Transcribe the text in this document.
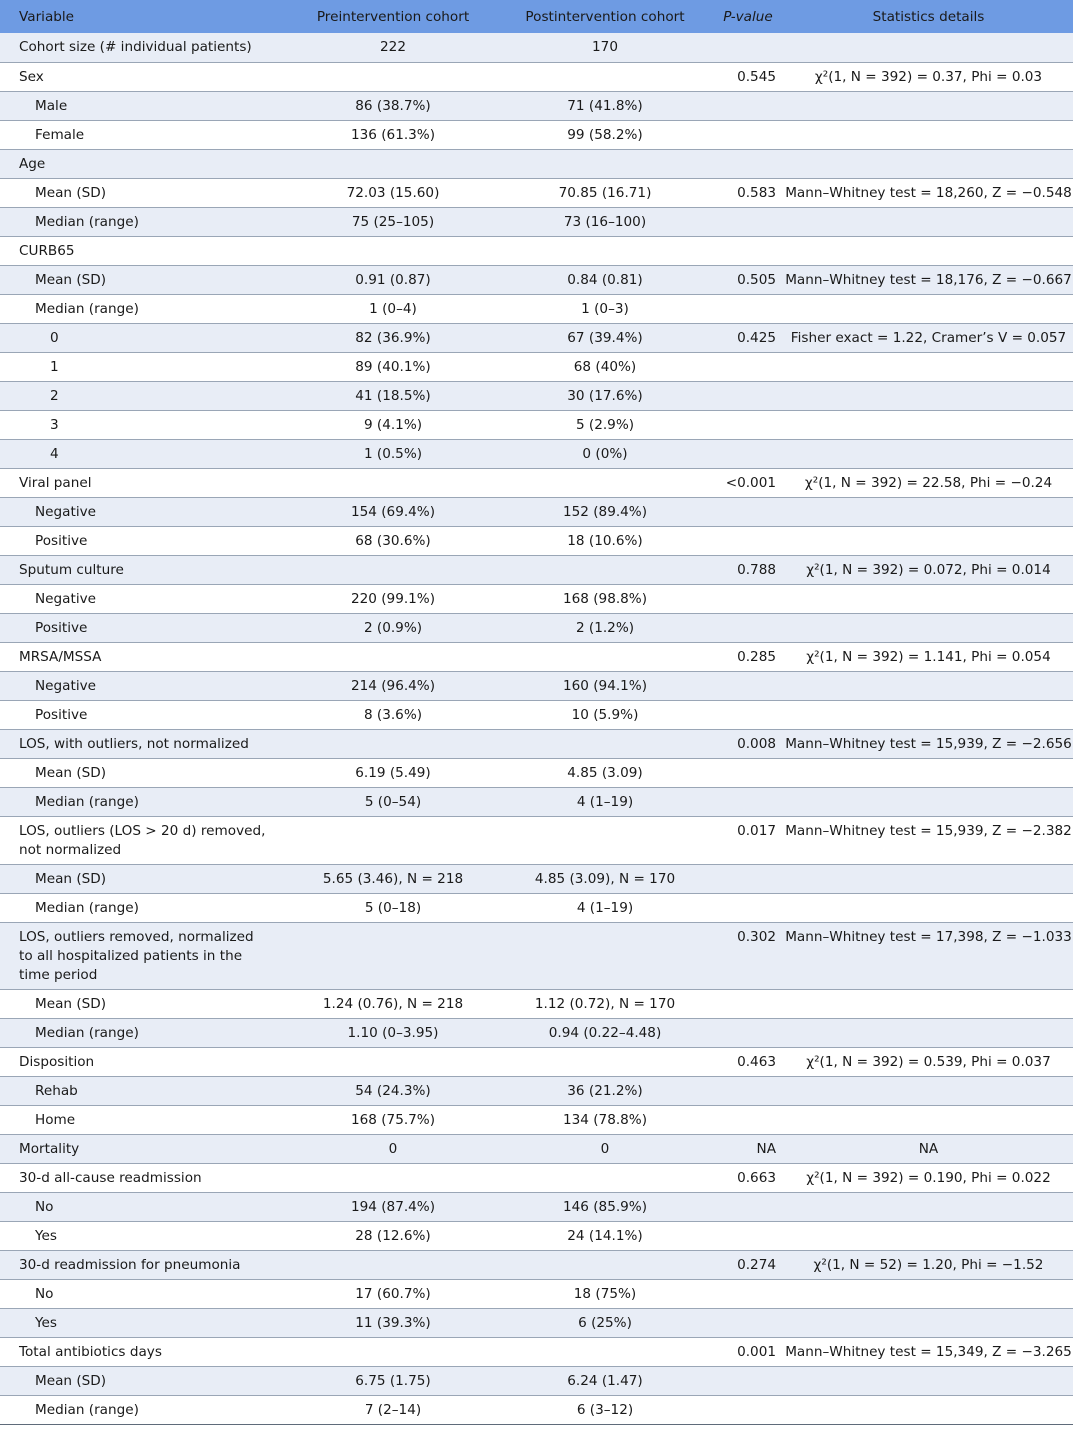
Variable	Preintervention cohort	Postintervention cohort	P-value	Statistics details
Cohort size (# individual patients)	222	170		
Sex			0.545	χ²(1, N = 392) = 0.37, Phi = 0.03
Male	86 (38.7%)	71 (41.8%)		
Female	136 (61.3%)	99 (58.2%)		
Age				
Mean (SD)	72.03 (15.60)	70.85 (16.71)	0.583	Mann–Whitney test = 18,260, Z = −0.548
Median (range)	75 (25–105)	73 (16–100)		
CURB65				
Mean (SD)	0.91 (0.87)	0.84 (0.81)	0.505	Mann–Whitney test = 18,176, Z = −0.667
Median (range)	1 (0–4)	1 (0–3)		
0	82 (36.9%)	67 (39.4%)	0.425	Fisher exact = 1.22, Cramer’s V = 0.057
1	89 (40.1%)	68 (40%)		
2	41 (18.5%)	30 (17.6%)		
3	9 (4.1%)	5 (2.9%)		
4	1 (0.5%)	0 (0%)		
Viral panel			<0.001	χ²(1, N = 392) = 22.58, Phi = −0.24
Negative	154 (69.4%)	152 (89.4%)		
Positive	68 (30.6%)	18 (10.6%)		
Sputum culture			0.788	χ²(1, N = 392) = 0.072, Phi = 0.014
Negative	220 (99.1%)	168 (98.8%)		
Positive	2 (0.9%)	2 (1.2%)		
MRSA/MSSA			0.285	χ²(1, N = 392) = 1.141, Phi = 0.054
Negative	214 (96.4%)	160 (94.1%)		
Positive	8 (3.6%)	10 (5.9%)		
LOS, with outliers, not normalized			0.008	Mann–Whitney test = 15,939, Z = −2.656
Mean (SD)	6.19 (5.49)	4.85 (3.09)		
Median (range)	5 (0–54)	4 (1–19)		
LOS, outliers (LOS > 20 d) removed, not normalized			0.017	Mann–Whitney test = 15,939, Z = −2.382
Mean (SD)	5.65 (3.46), N = 218	4.85 (3.09), N = 170		
Median (range)	5 (0–18)	4 (1–19)		
LOS, outliers removed, normalized to all hospitalized patients in the time period			0.302	Mann–Whitney test = 17,398, Z = −1.033
Mean (SD)	1.24 (0.76), N = 218	1.12 (0.72), N = 170		
Median (range)	1.10 (0–3.95)	0.94 (0.22–4.48)		
Disposition			0.463	χ²(1, N = 392) = 0.539, Phi = 0.037
Rehab	54 (24.3%)	36 (21.2%)		
Home	168 (75.7%)	134 (78.8%)		
Mortality	0	0	NA	NA
30-d all-cause readmission			0.663	χ²(1, N = 392) = 0.190, Phi = 0.022
No	194 (87.4%)	146 (85.9%)		
Yes	28 (12.6%)	24 (14.1%)		
30-d readmission for pneumonia			0.274	χ²(1, N = 52) = 1.20, Phi = −1.52
No	17 (60.7%)	18 (75%)		
Yes	11 (39.3%)	6 (25%)		
Total antibiotics days			0.001	Mann–Whitney test = 15,349, Z = −3.265
Mean (SD)	6.75 (1.75)	6.24 (1.47)		
Median (range)	7 (2–14)	6 (3–12)		
